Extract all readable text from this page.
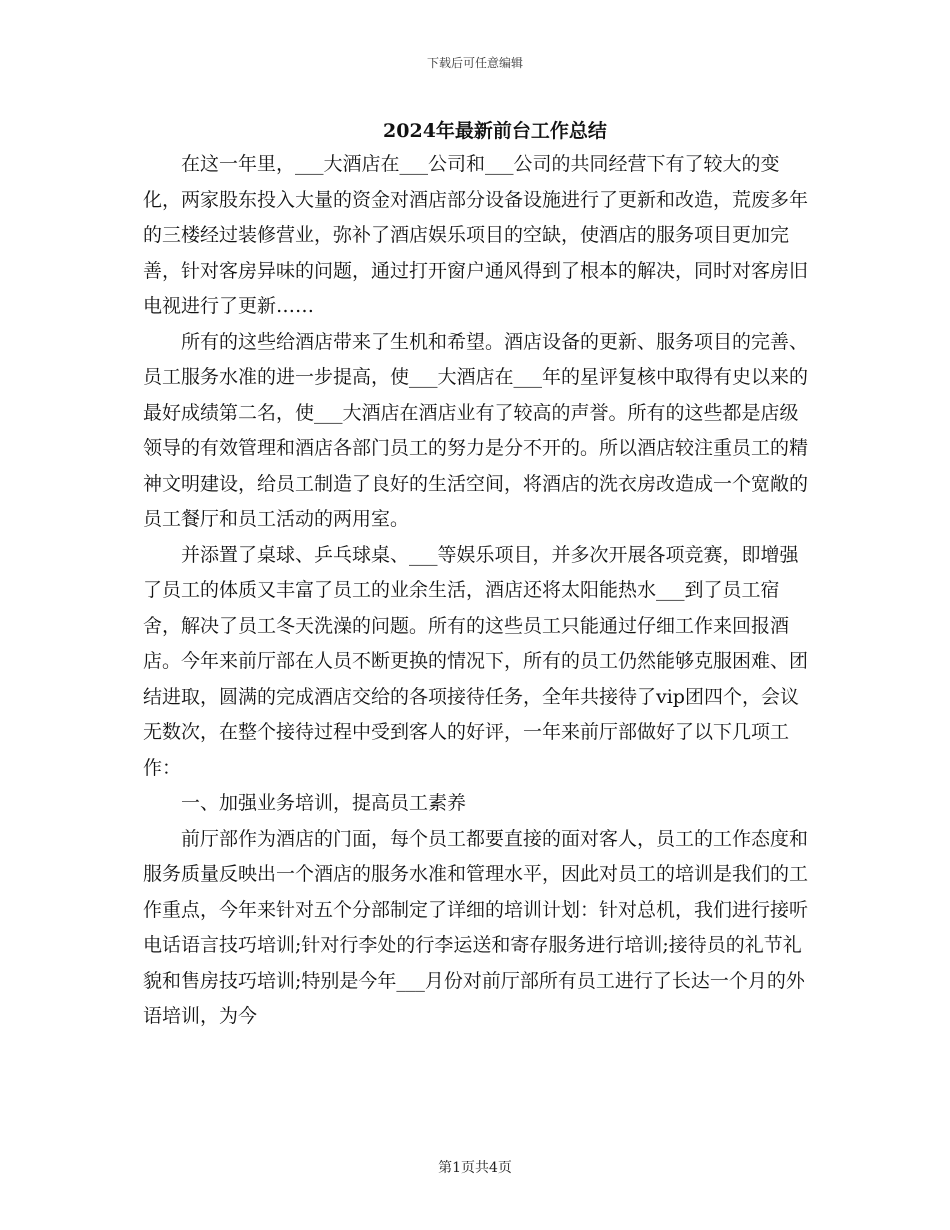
下载后可任意编辑
2024年最新前台工作总结

在这一年里，___大酒店在___公司和___公司的共同经营下有了较大的变化，两家股东投入大量的资金对酒店部分设备设施进行了更新和改造，荒废多年的三楼经过装修营业，弥补了酒店娱乐项目的空缺，使酒店的服务项目更加完善，针对客房异味的问题，通过打开窗户通风得到了根本的解决，同时对客房旧电视进行了更新……

所有的这些给酒店带来了生机和希望。酒店设备的更新、服务项目的完善、员工服务水准的进一步提高，使___大酒店在___年的星评复核中取得有史以来的最好成绩第二名，使___大酒店在酒店业有了较高的声誉。所有的这些都是店级领导的有效管理和酒店各部门员工的努力是分不开的。所以酒店较注重员工的精神文明建设，给员工制造了良好的生活空间，将酒店的洗衣房改造成一个宽敞的员工餐厅和员工活动的两用室。

并添置了桌球、乒乓球桌、___等娱乐项目，并多次开展各项竞赛，即增强了员工的体质又丰富了员工的业余生活，酒店还将太阳能热水___到了员工宿舍，解决了员工冬天洗澡的问题。所有的这些员工只能通过仔细工作来回报酒店。今年来前厅部在人员不断更换的情况下，所有的员工仍然能够克服困难、团结进取，圆满的完成酒店交给的各项接待任务，全年共接待了vip团四个，会议无数次，在整个接待过程中受到客人的好评，一年来前厅部做好了以下几项工作：

一、加强业务培训，提高员工素养

前厅部作为酒店的门面，每个员工都要直接的面对客人，员工的工作态度和服务质量反映出一个酒店的服务水准和管理水平，因此对员工的培训是我们的工作重点，今年来针对五个分部制定了详细的培训计划：针对总机，我们进行接听电话语言技巧培训;针对行李处的行李运送和寄存服务进行培训;接待员的礼节礼貌和售房技巧培训;特别是今年___月份对前厅部所有员工进行了长达一个月的外语培训，为今

第1页共4页
